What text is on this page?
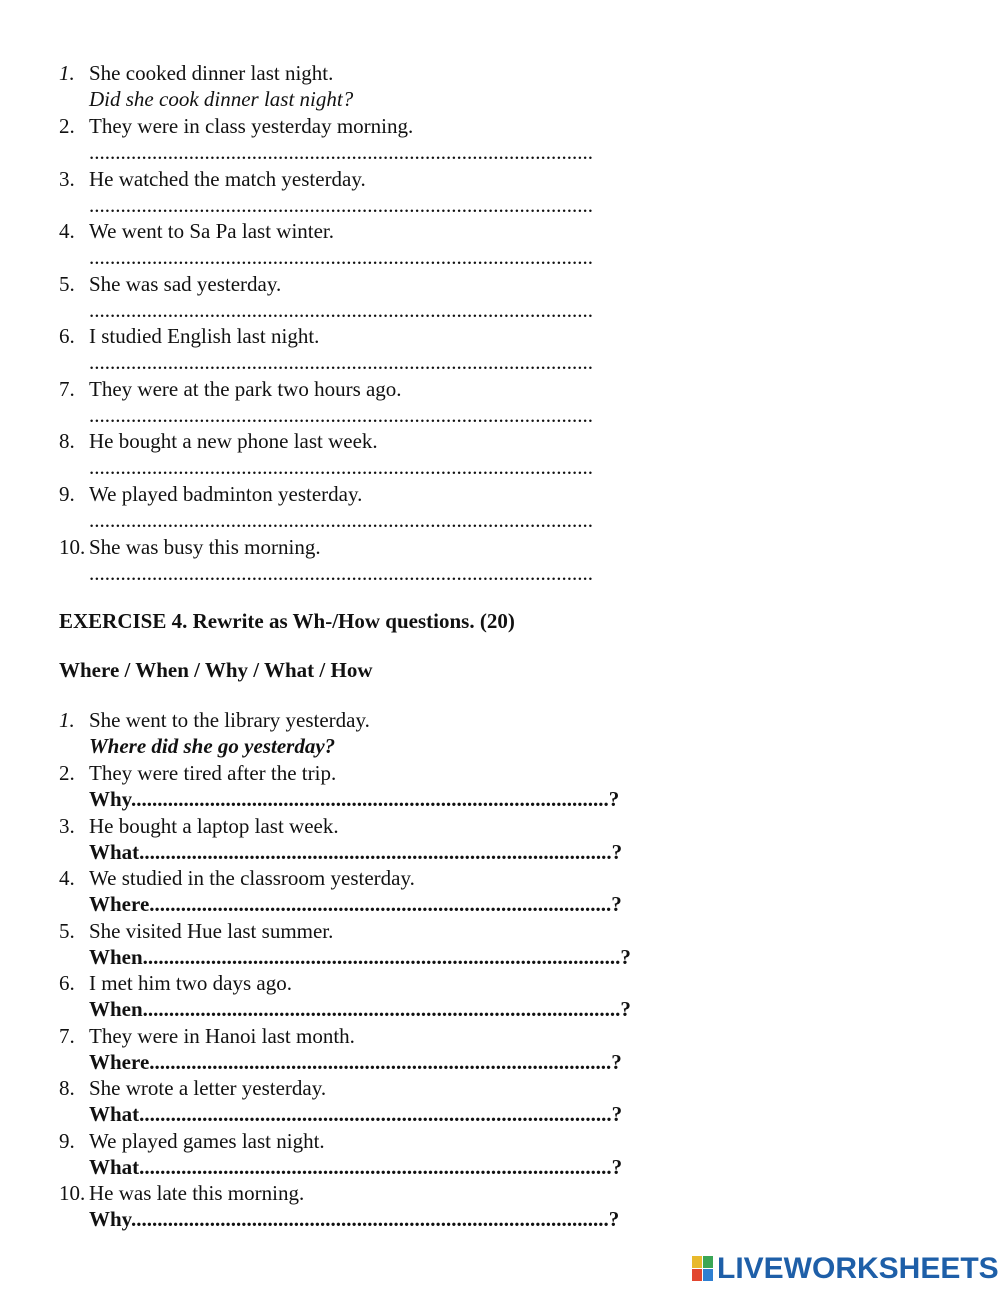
1. She cooked dinner last night.
Did she cook dinner last night?
2. They were in class yesterday morning.
................................................................................................
3. He watched the match yesterday.
................................................................................................
4. We went to Sa Pa last winter.
................................................................................................
5. She was sad yesterday.
................................................................................................
6. I studied English last night.
................................................................................................
7. They were at the park two hours ago.
................................................................................................
8. He bought a new phone last week.
................................................................................................
9. We played badminton yesterday.
................................................................................................
10. She was busy this morning.
................................................................................................
EXERCISE 4. Rewrite as Wh-/How questions. (20)
Where / When / Why / What / How
1. She went to the library yesterday.
Where did she go yesterday?
2. They were tired after the trip.
Why...........................................................................................?
3. He bought a laptop last week.
What..........................................................................................?
4. We studied in the classroom yesterday.
Where........................................................................................?
5. She visited Hue last summer.
When...........................................................................................?
6. I met him two days ago.
When...........................................................................................?
7. They were in Hanoi last month.
Where........................................................................................?
8. She wrote a letter yesterday.
What..........................................................................................?
9. We played games last night.
What..........................................................................................?
10. He was late this morning.
Why...........................................................................................?
LIVEWORKSHEETS
